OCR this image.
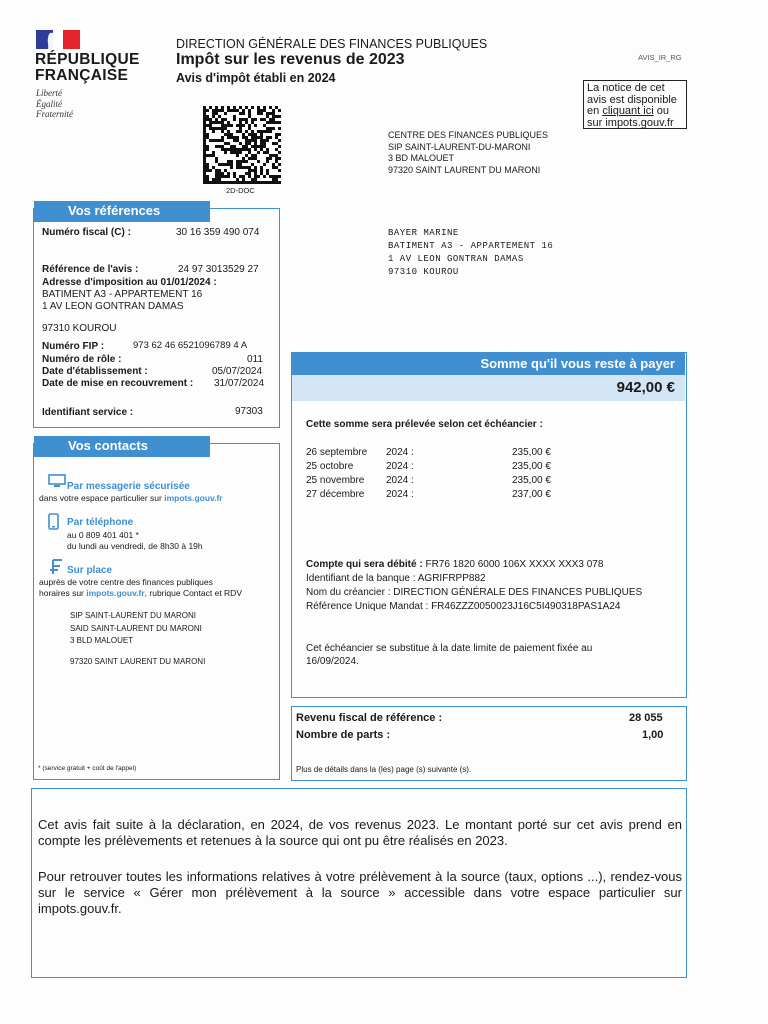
RÉPUBLIQUE
FRANÇAISE
Liberté
Égalité
Fraternité
DIRECTION GÉNÉRALE DES FINANCES PUBLIQUES
Impôt sur les revenus de 2023
Avis d'impôt établi en 2024
AVIS_IR_RG
La notice de cet
avis est disponible
en cliquant ici ou
sur impots.gouv.fr
2D-DOC
CENTRE DES FINANCES PUBLIQUES
SIP SAINT-LAURENT-DU-MARONI
3 BD MALOUET
97320 SAINT LAURENT DU MARONI
BAYER MARINE
BATIMENT A3 - APPARTEMENT 16
1 AV LEON GONTRAN DAMAS
97310 KOUROU
Vos références
Numéro fiscal (C) :	30 16 359 490 074
Référence de l'avis :	24 97 3013529 27
Adresse d'imposition au 01/01/2024 :
BATIMENT A3 - APPARTEMENT 16
1 AV LEON GONTRAN DAMAS
97310 KOUROU
Numéro FIP :	973 62 46 6521096789 4 A
Numéro de rôle :	011
Date d'établissement :	05/07/2024
Date de mise en recouvrement : 31/07/2024
Identifiant service :	97303
Vos contacts
Par messagerie sécurisée
dans votre espace particulier sur impots.gouv.fr
Par téléphone
au 0 809 401 401 *
du lundi au vendredi, de 8h30 à 19h
Sur place
auprès de votre centre des finances publiques
horaires sur impots.gouv.fr, rubrique Contact et RDV
SIP SAINT-LAURENT DU MARONI
SAID SAINT-LAURENT DU MARONI
3 BLD MALOUET
97320 SAINT LAURENT DU MARONI
* (service gratuit + coût de l'appel)
Somme qu'il vous reste à payer
942,00 €
Cette somme sera prélevée selon cet échéancier :
26 septembre 2024 :	235,00 €
25 octobre	2024 :	235,00 €
25 novembre 2024 :	235,00 €
27 décembre 2024 :	237,00 €
Compte qui sera débité : FR76 1820 6000 106X XXXX XXX3 078
Identifiant de la banque : AGRIFRPP882
Nom du créancier : DIRECTION GÉNÉRALE DES FINANCES PUBLIQUES
Référence Unique Mandat : FR46ZZZ0050023J16C5I490318PAS1A24
Cet échéancier se substitue à la date limite de paiement fixée au
16/09/2024.
Revenu fiscal de référence :	28 055
Nombre de parts :	1,00
Plus de détails dans la (les) page (s) suivante (s).

Cet avis fait suite à la déclaration, en 2024, de vos revenus 2023. Le montant porté sur cet avis prend en compte les prélèvements et retenues à la source qui ont pu être réalisés en 2023.

Pour retrouver toutes les informations relatives à votre prélèvement à la source (taux, options ...), rendez-vous sur le service « Gérer mon prélèvement à la source » accessible dans votre espace particulier sur impots.gouv.fr.
